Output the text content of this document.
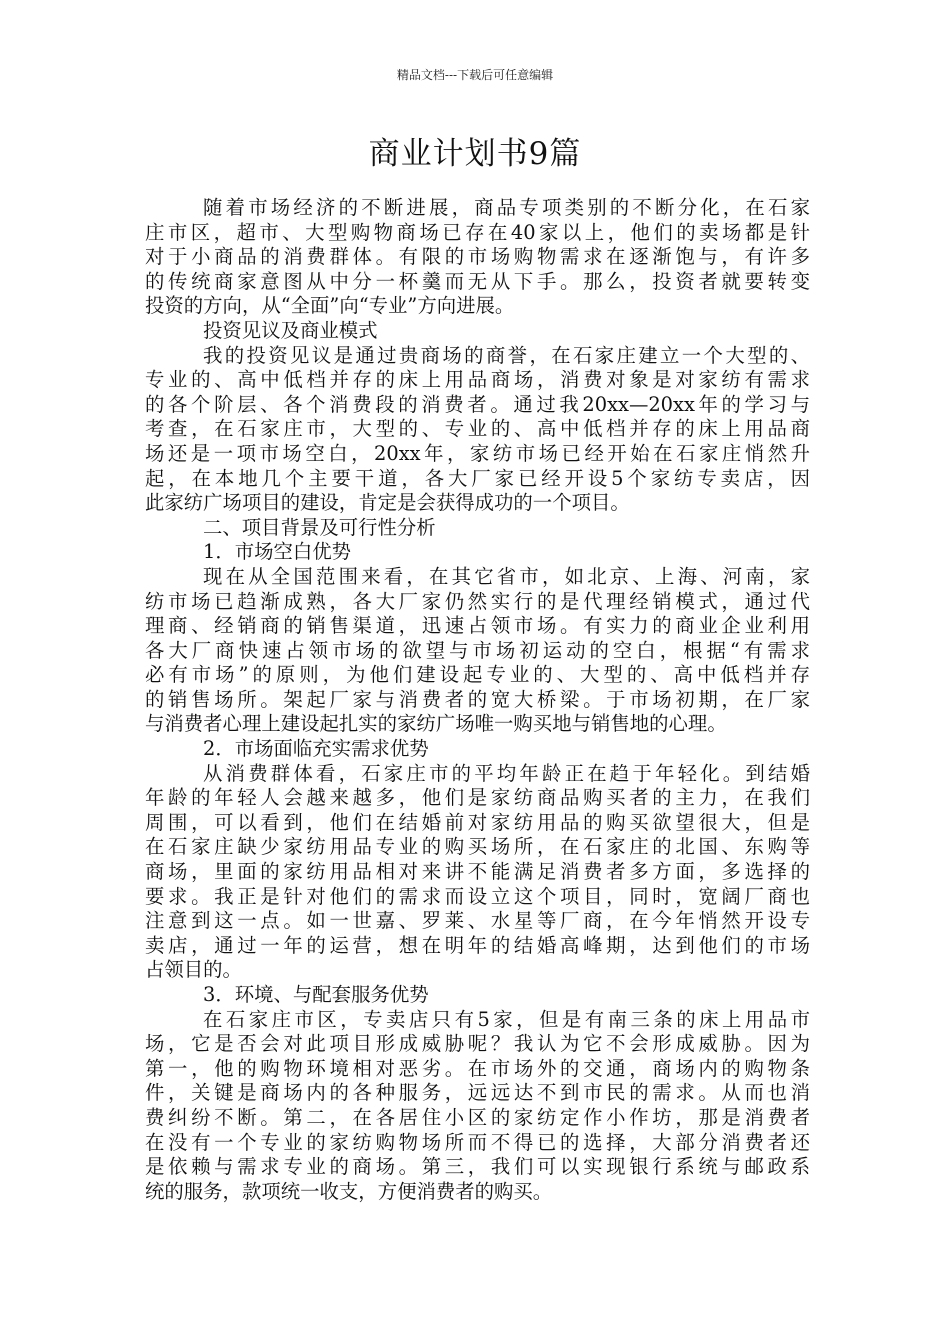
精品文档---下载后可任意编辑
商业计划书9篇
随着市场经济的不断进展，商品专项类别的不断分化，在石家
庄市区，超市、大型购物商场已存在40家以上，他们的卖场都是针
对于小商品的消费群体。有限的市场购物需求在逐渐饱与，有许多
的传统商家意图从中分一杯羹而无从下手。那么，投资者就要转变
投资的方向，从“全面”向“专业”方向进展。
投资见议及商业模式
我的投资见议是通过贵商场的商誉，在石家庄建立一个大型的、
专业的、高中低档并存的床上用品商场，消费对象是对家纺有需求
的各个阶层、各个消费段的消费者。通过我20xx—20xx年的学习与
考查，在石家庄市，大型的、专业的、高中低档并存的床上用品商
场还是一项市场空白，20xx年，家纺市场已经开始在石家庄悄然升
起，在本地几个主要干道，各大厂家已经开设5个家纺专卖店，因
此家纺广场项目的建设，肯定是会获得成功的一个项目。
二、项目背景及可行性分析
1．市场空白优势
现在从全国范围来看，在其它省市，如北京、上海、河南，家
纺市场已趋渐成熟，各大厂家仍然实行的是代理经销模式，通过代
理商、经销商的销售渠道，迅速占领市场。有实力的商业企业利用
各大厂商快速占领市场的欲望与市场初运动的空白，根据“有需求
必有市场”的原则，为他们建设起专业的、大型的、高中低档并存
的销售场所。架起厂家与消费者的宽大桥梁。于市场初期，在厂家
与消费者心理上建设起扎实的家纺广场唯一购买地与销售地的心理。
2．市场面临充实需求优势
从消费群体看，石家庄市的平均年龄正在趋于年轻化。到结婚
年龄的年轻人会越来越多，他们是家纺商品购买者的主力，在我们
周围，可以看到，他们在结婚前对家纺用品的购买欲望很大，但是
在石家庄缺少家纺用品专业的购买场所，在石家庄的北国、东购等
商场，里面的家纺用品相对来讲不能满足消费者多方面，多选择的
要求。我正是针对他们的需求而设立这个项目，同时，宽阔厂商也
注意到这一点。如一世嘉、罗莱、水星等厂商，在今年悄然开设专
卖店，通过一年的运营，想在明年的结婚高峰期，达到他们的市场
占领目的。
3．环境、与配套服务优势
在石家庄市区，专卖店只有5家，但是有南三条的床上用品市
场，它是否会对此项目形成威胁呢？我认为它不会形成威胁。因为
第一，他的购物环境相对恶劣。在市场外的交通，商场内的购物条
件，关键是商场内的各种服务，远远达不到市民的需求。从而也消
费纠纷不断。第二，在各居住小区的家纺定作小作坊，那是消费者
在没有一个专业的家纺购物场所而不得已的选择，大部分消费者还
是依赖与需求专业的商场。第三，我们可以实现银行系统与邮政系
统的服务，款项统一收支，方便消费者的购买。
